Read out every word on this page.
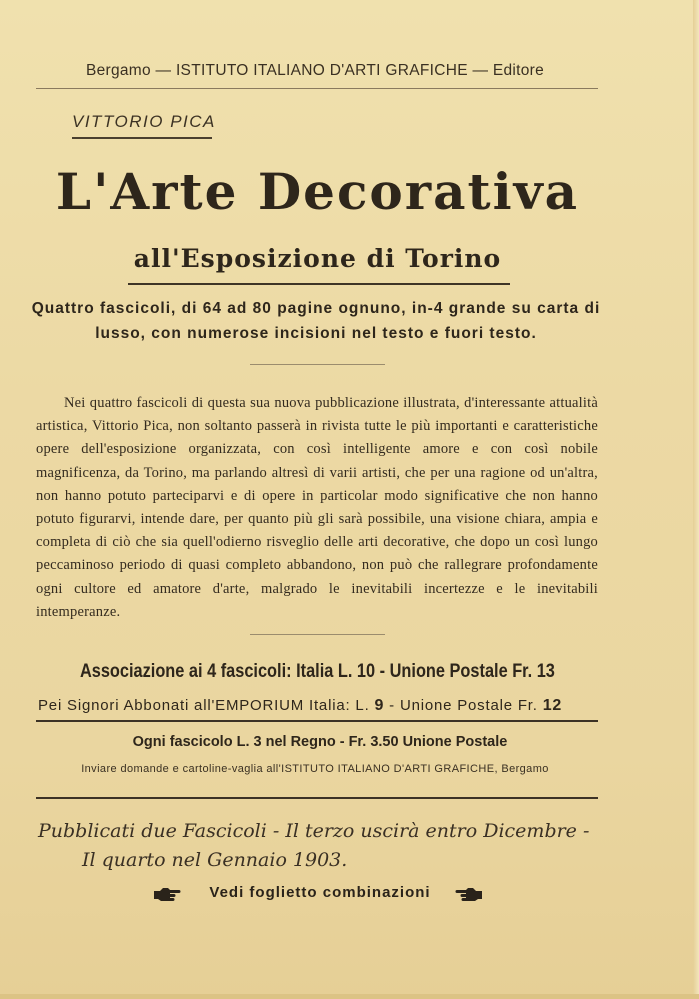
Bergamo — ISTITUTO ITALIANO D'ARTI GRAFICHE — Editore
VITTORIO PICA
L'Arte Decorativa
all'Esposizione di Torino
Quattro fascicoli, di 64 ad 80 pagine ognuno, in-4 grande su carta di lusso, con numerose incisioni nel testo e fuori testo.
Nei quattro fascicoli di questa sua nuova pubblicazione illustrata, d'interessante attualità artistica, Vittorio Pica, non soltanto passerà in rivista tutte le più importanti e caratteristiche opere dell'esposizione organizzata, con così intelligente amore e con così nobile magnificenza, da Torino, ma parlando altresì di varii artisti, che per una ragione od un'altra, non hanno potuto parteciparvi e di opere in particolar modo significative che non hanno potuto figurarvi, intende dare, per quanto più gli sarà possibile, una visione chiara, ampia e completa di ciò che sia quell'odierno risveglio delle arti decorative, che dopo un così lungo peccaminoso periodo di quasi completo abbandono, non può che rallegrare profondamente ogni cultore ed amatore d'arte, malgrado le inevitabili incertezze e le inevitabili intemperanze.
Associazione ai 4 fascicoli: Italia L. 10 - Unione Postale Fr. 13
Pei Signori Abbonati all'EMPORIUM Italia: L. 9 - Unione Postale Fr. 12
Ogni fascicolo L. 3 nel Regno - Fr. 3.50 Unione Postale
Inviare domande e cartoline-vaglia all'ISTITUTO ITALIANO D'ARTI GRAFICHE, Bergamo
Pubblicati due Fascicoli - Il terzo uscirà entro Dicembre -
Il quarto nel Gennaio 1903.
Vedi foglietto combinazioni
